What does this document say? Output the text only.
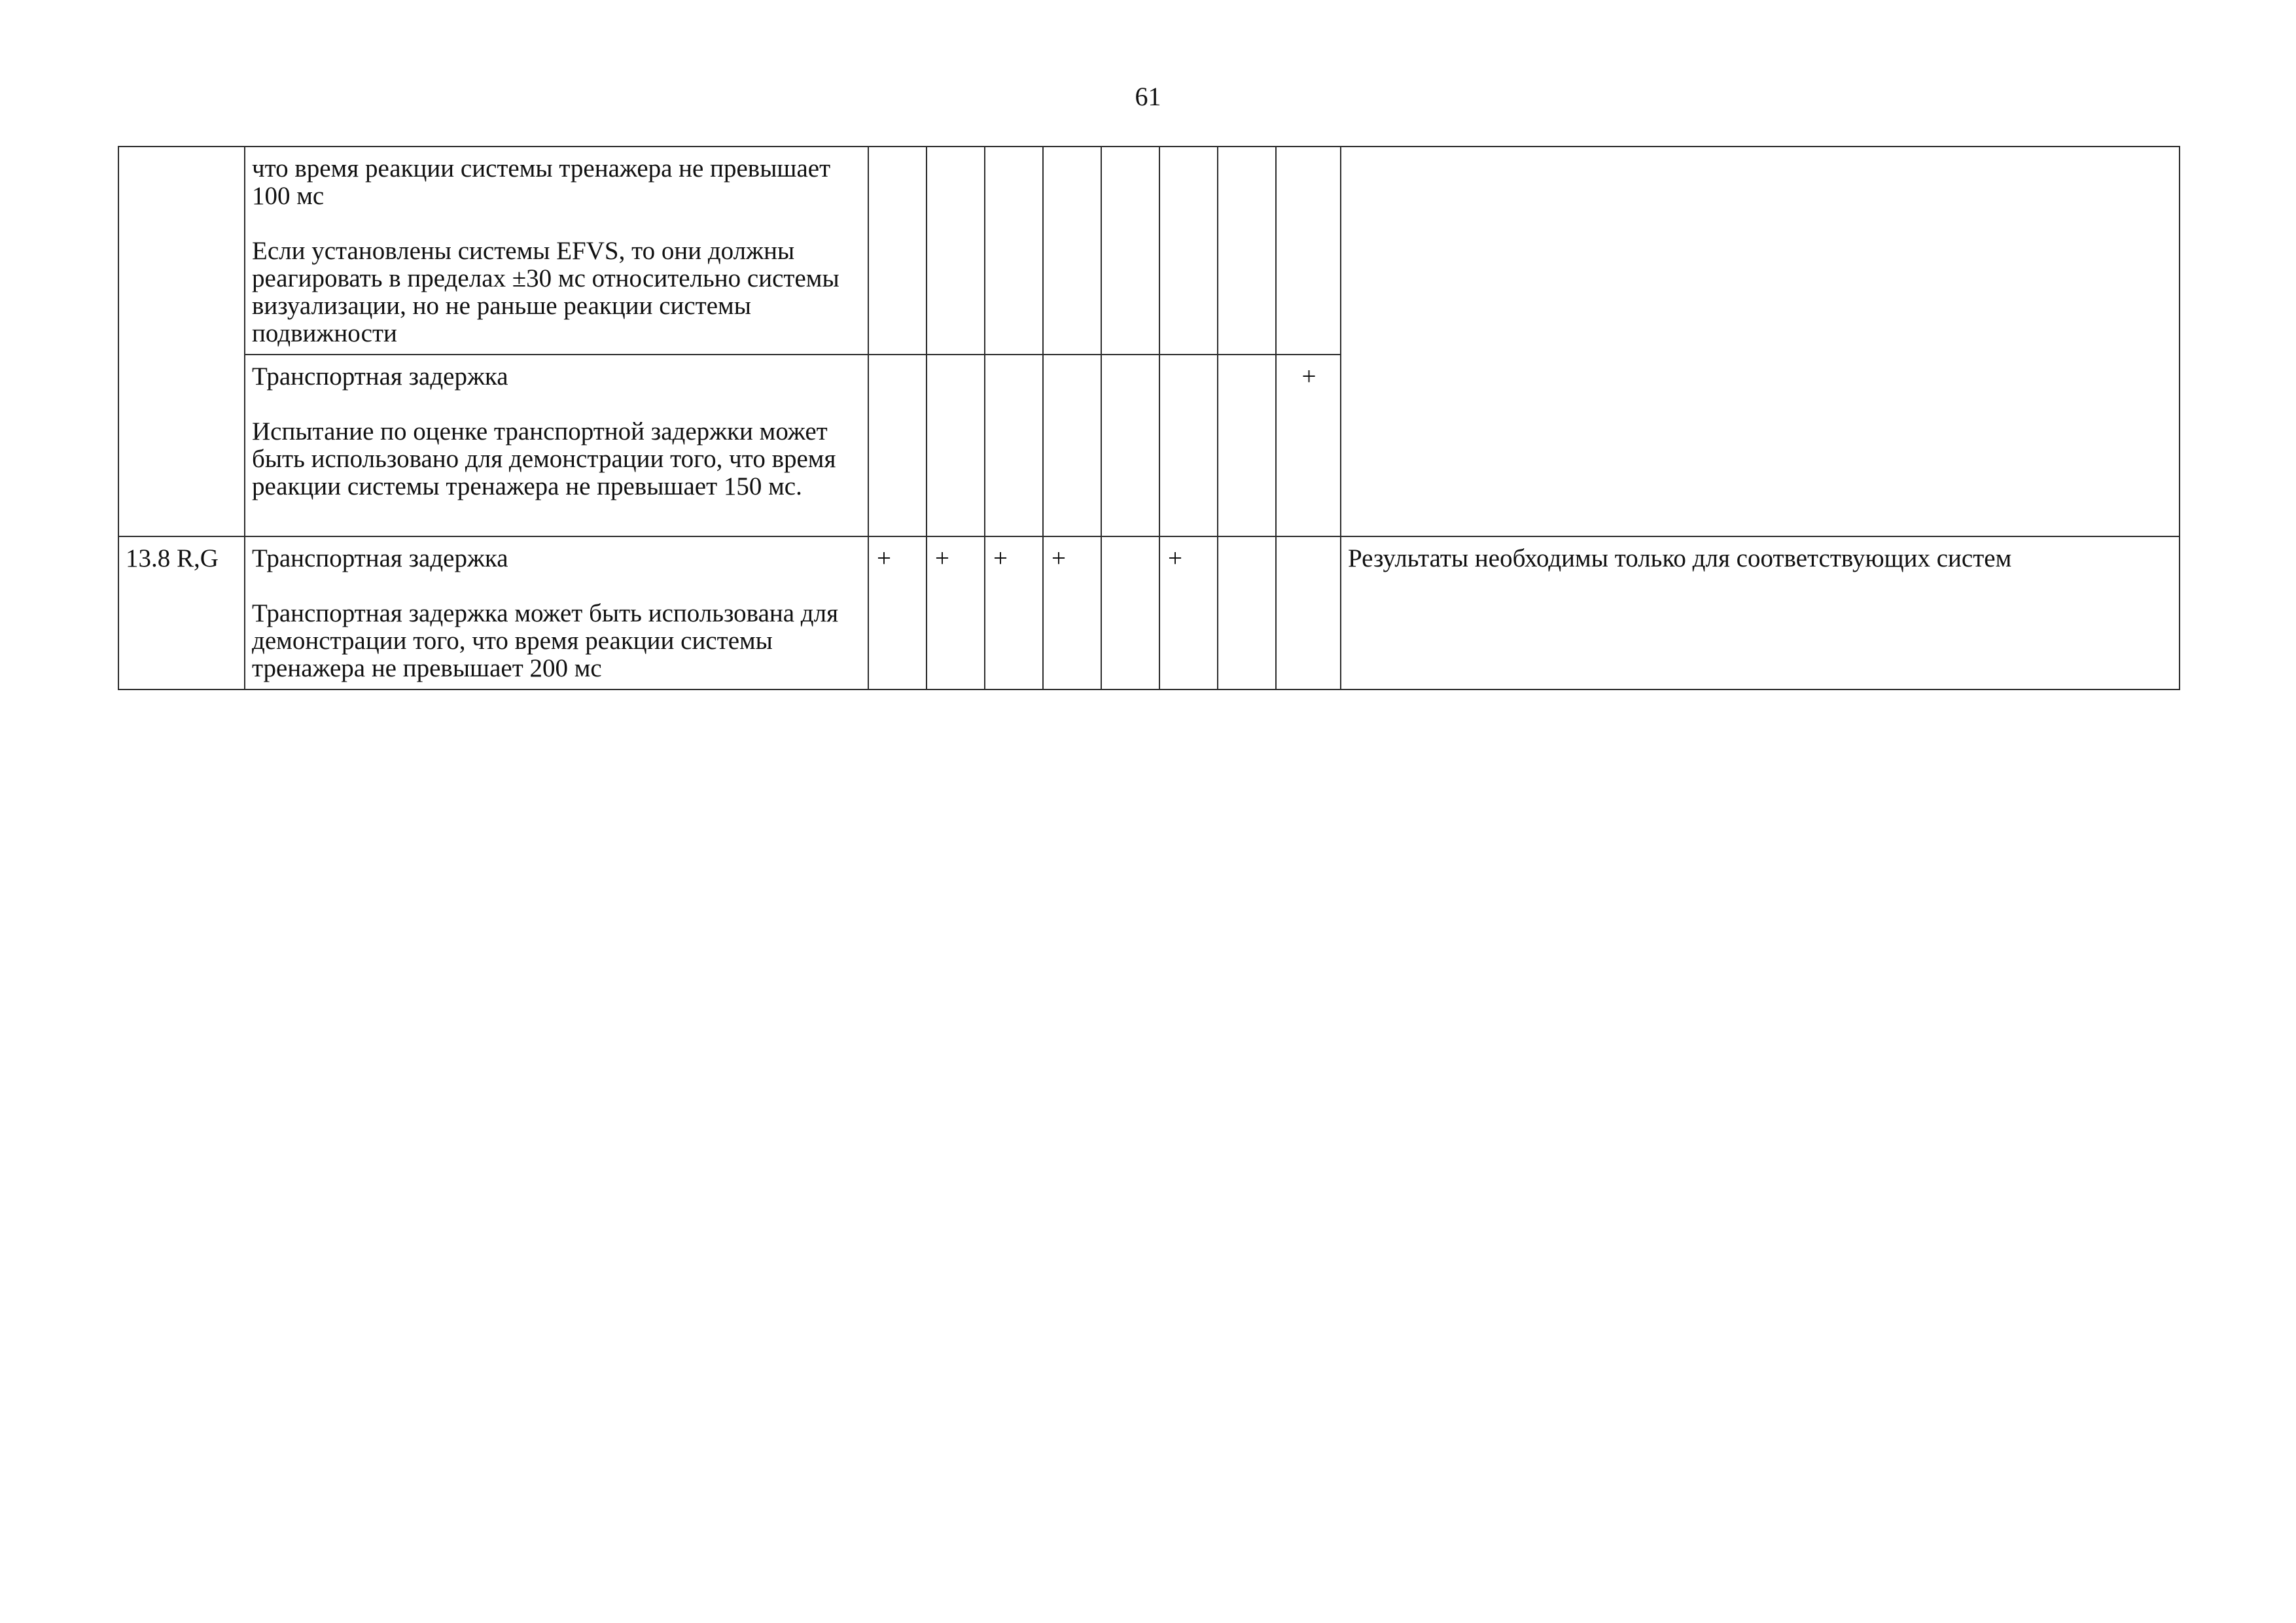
61

	что время реакции системы тренажера не превышает 100 мс
Если установлены системы EFVS, то они должны реагировать в пределах ±30 мс относительно системы визуализации, но не раньше реакции системы подвижности									

	Транспортная задержка
Испытание по оценке транспортной задержки может быть использовано для демонстрации того, что время реакции системы тренажера не превышает 150 мс.								+	
13.8 R,G	Транспортная задержка
Транспортная задержка может быть использована для демонстрации того, что время реакции системы тренажера не превышает 200 мс	+	+	+	+		+			Результаты необходимы только для соответствующих систем
